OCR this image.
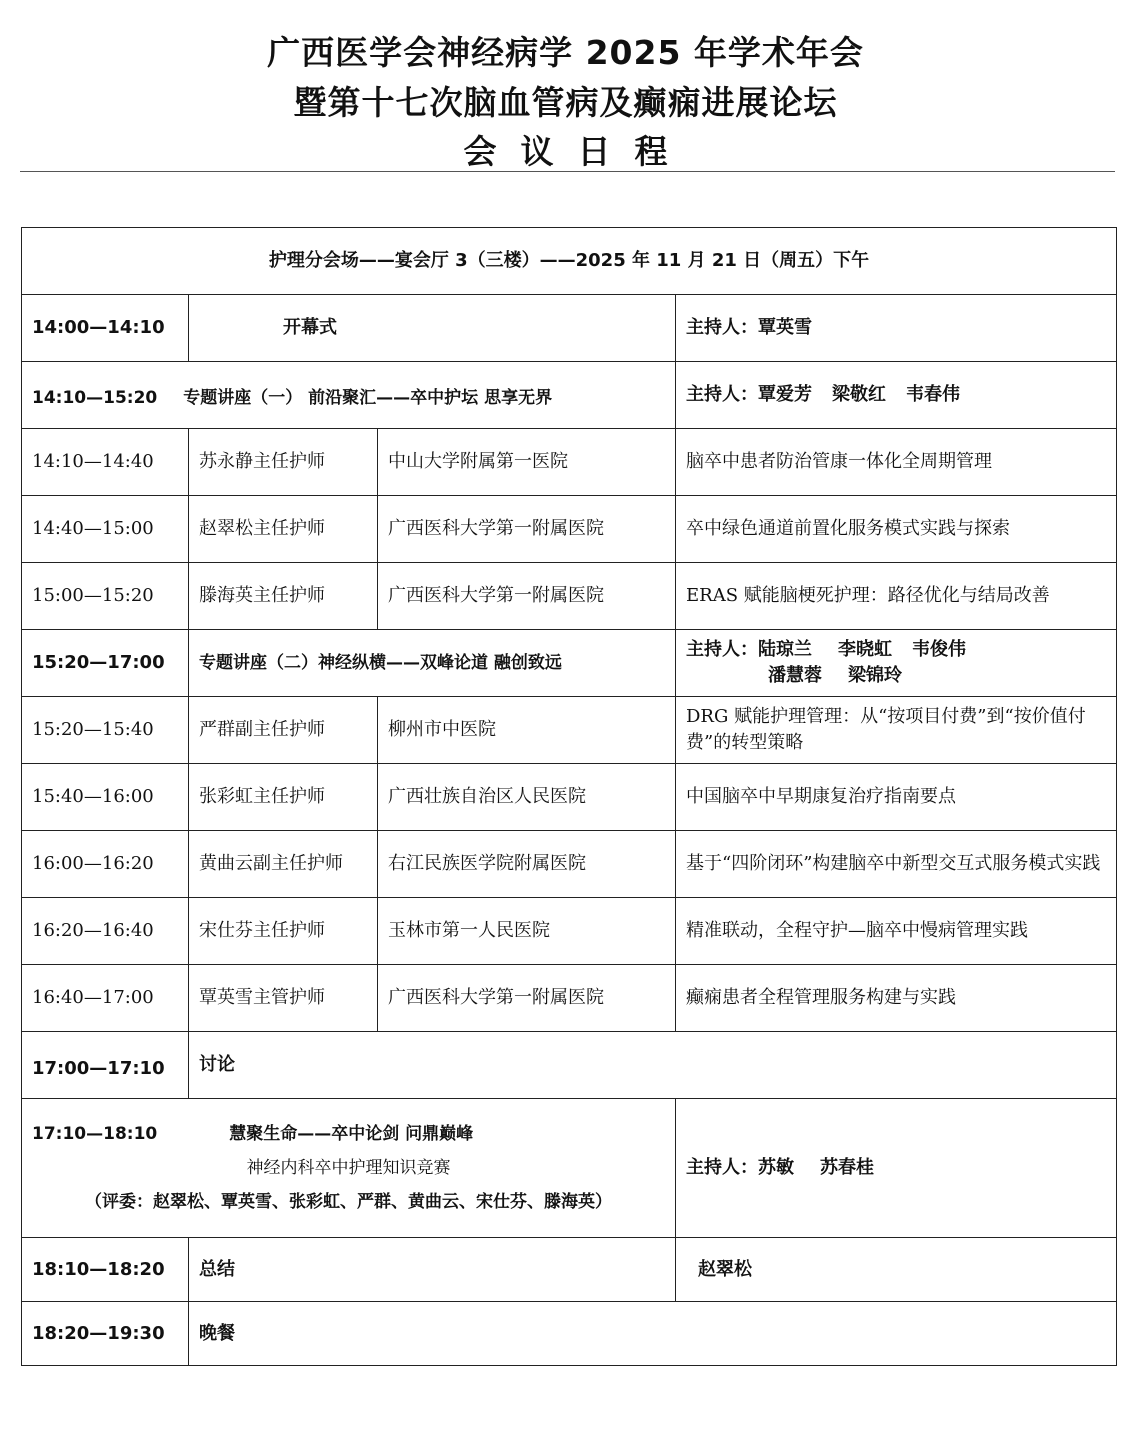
广西医学会神经病学 2025 年学术年会
暨第十七次脑血管病及癫痫进展论坛
会议日程
护理分会场——宴会厅 3（三楼）——2025 年 11 月 21 日（周五）下午			
14:00—14:10	开幕式		主持人：覃英雪
14:10—15:20 专题讲座（一） 前沿聚汇——卒中护坛 思享无界			主持人：覃爱芳 梁敬红 韦春伟
14:10—14:40	苏永静主任护师	中山大学附属第一医院	脑卒中患者防治管康一体化全周期管理
14:40—15:00	赵翠松主任护师	广西医科大学第一附属医院	卒中绿色通道前置化服务模式实践与探索
15:00—15:20	滕海英主任护师	广西医科大学第一附属医院	ERAS 赋能脑梗死护理：路径优化与结局改善
15:20—17:00	专题讲座（二）神经纵横——双峰论道 融创致远		主持人：陆琼兰 李晓虹 韦俊伟
潘慧蓉 梁锦玲

15:20—15:40	严群副主任护师	柳州市中医院	DRG 赋能护理管理：从“按项目付费”到“按价值付费”的转型策略
15:40—16:00	张彩虹主任护师	广西壮族自治区人民医院	中国脑卒中早期康复治疗指南要点
16:00—16:20	黄曲云副主任护师	右江民族医学院附属医院	基于“四阶闭环”构建脑卒中新型交互式服务模式实践
16:20—16:40	宋仕芬主任护师	玉林市第一人民医院	精准联动，全程守护—脑卒中慢病管理实践
16:40—17:00	覃英雪主管护师	广西医科大学第一附属医院	癫痫患者全程管理服务构建与实践
17:00—17:10	讨论		

17:10—18:10 慧聚生命——卒中论剑 问鼎巅峰
神经内科卒中护理知识竞赛
（评委：赵翠松、覃英雪、张彩虹、严群、黄曲云、宋仕芬、滕海英）			主持人：苏敏 苏春桂
18:10—18:20	总结		赵翠松
18:20—19:30	晚餐		
